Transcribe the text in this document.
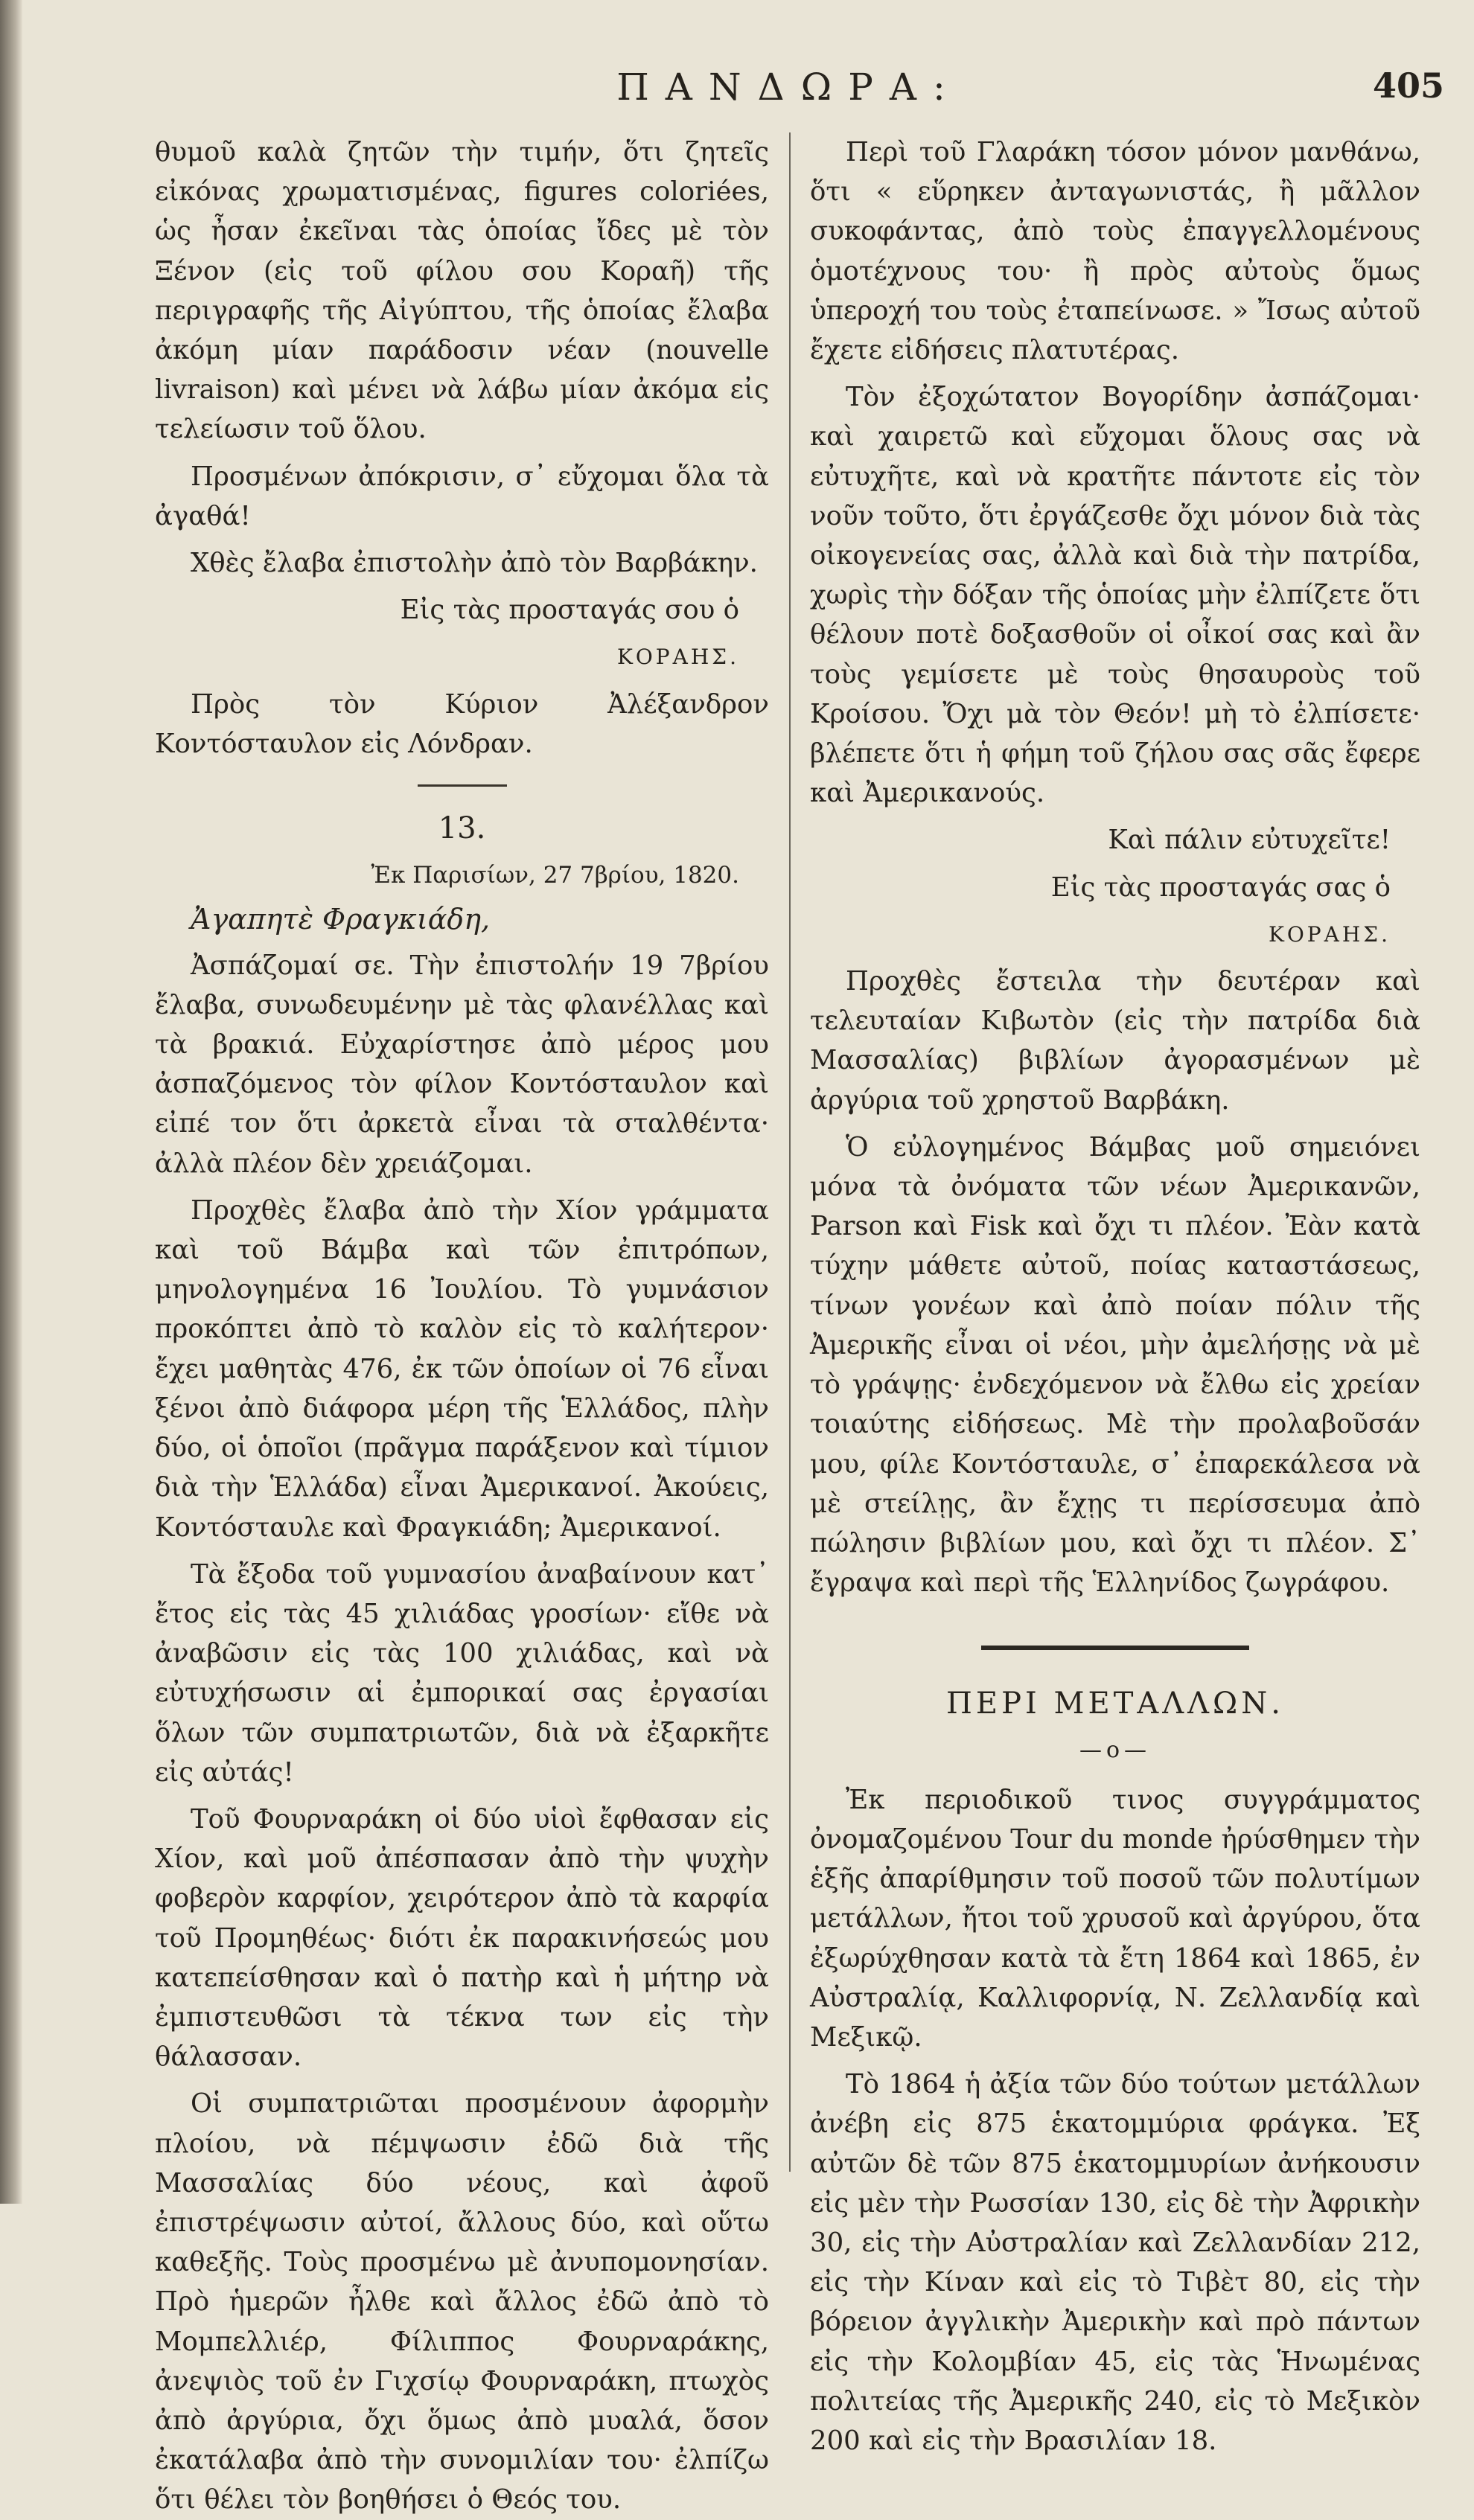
ΠΑΝΔΩΡΑ:	405

θυμοῦ καλὰ ζητῶν τὴν τιμήν, ὅτι ζητεῖς εἰκόνας χρωματισμένας, figures coloriées, ὡς ἦσαν ἐκεῖναι τὰς ὁποίας ἴδες μὲ τὸν Ξένον (εἰς τοῦ φίλου σου Κοραῆ) τῆς περιγραφῆς τῆς Αἰγύπτου, τῆς ὁποίας ἔλαβα ἀκόμη μίαν παράδοσιν νέαν (nouvelle livraison) καὶ μένει νὰ λάβω μίαν ἀκόμα εἰς τελείωσιν τοῦ ὅλου.

Προσμένων ἀπόκρισιν, σ᾿ εὔχομαι ὅλα τὰ ἀγαθά!

Χθὲς ἔλαβα ἐπιστολὴν ἀπὸ τὸν Βαρβάκην.

Εἰς τὰς προσταγάς σου ὁ

ΚΟΡΑΗΣ.

Πρὸς τὸν Κύριον Ἀλέξανδρον Κοντόσταυλον εἰς Λόνδραν.

13.
Ἐκ Παρισίων, 27 7βρίου, 1820.
Ἀγαπητὲ Φραγκιάδη,

Ἀσπάζομαί σε. Τὴν ἐπιστολήν 19 7βρίου ἔλαβα, συνωδευμένην μὲ τὰς φλανέλλας καὶ τὰ βρακιά. Εὐχαρίστησε ἀπὸ μέρος μου ἀσπαζόμενος τὸν φίλον Κοντόσταυλον καὶ εἰπέ τον ὅτι ἀρκετὰ εἶναι τὰ σταλθέντα· ἀλλὰ πλέον δὲν χρειάζομαι.

Προχθὲς ἔλαβα ἀπὸ τὴν Χίον γράμματα καὶ τοῦ Βάμβα καὶ τῶν ἐπιτρόπων, μηνολογημένα 16 Ἰουλίου. Τὸ γυμνάσιον προκόπτει ἀπὸ τὸ καλὸν εἰς τὸ καλήτερον· ἔχει μαθητὰς 476, ἐκ τῶν ὁποίων οἱ 76 εἶναι ξένοι ἀπὸ διάφορα μέρη τῆς Ἑλλάδος, πλὴν δύο, οἱ ὁποῖοι (πρᾶγμα παράξενον καὶ τίμιον διὰ τὴν Ἑλλάδα) εἶναι Ἀμερικανοί. Ἀκούεις, Κοντόσταυλε καὶ Φραγκιάδη; Ἀμερικανοί.

Τὰ ἔξοδα τοῦ γυμνασίου ἀναβαίνουν κατ᾿ ἔτος εἰς τὰς 45 χιλιάδας γροσίων· εἴθε νὰ ἀναβῶσιν εἰς τὰς 100 χιλιάδας, καὶ νὰ εὐτυχήσωσιν αἱ ἐμπορικαί σας ἐργασίαι ὅλων τῶν συμπατριωτῶν, διὰ νὰ ἐξαρκῆτε εἰς αὐτάς!

Τοῦ Φουρναράκη οἱ δύο υἱοὶ ἔφθασαν εἰς Χίον, καὶ μοῦ ἀπέσπασαν ἀπὸ τὴν ψυχὴν φοβερὸν καρφίον, χειρότερον ἀπὸ τὰ καρφία τοῦ Προμηθέως· διότι ἐκ παρακινήσεώς μου κατεπείσθησαν καὶ ὁ πατὴρ καὶ ἡ μήτηρ νὰ ἐμπιστευθῶσι τὰ τέκνα των εἰς τὴν θάλασσαν.

Οἱ συμπατριῶται προσμένουν ἀφορμὴν πλοίου, νὰ πέμψωσιν ἐδῶ διὰ τῆς Μασσαλίας δύο νέους, καὶ ἀφοῦ ἐπιστρέψωσιν αὐτοί, ἄλλους δύο, καὶ οὕτω καθεξῆς. Τοὺς προσμένω μὲ ἀνυπομονησίαν. Πρὸ ἡμερῶν ἦλθε καὶ ἄλλος ἐδῶ ἀπὸ τὸ Μομπελλιέρ, Φίλιππος Φουρναράκης, ἀνεψιὸς τοῦ ἐν Γιχσίῳ Φουρναράκη, πτωχὸς ἀπὸ ἀργύρια, ὄχι ὅμως ἀπὸ μυαλά, ὅσον ἐκατάλαβα ἀπὸ τὴν συνομιλίαν του· ἐλπίζω ὅτι θέλει τὸν βοηθήσει ὁ Θεός του.

Περὶ τοῦ Γλαράκη τόσον μόνον μανθάνω, ὅτι « εὕρηκεν ἀνταγωνιστάς, ἢ μᾶλλον συκοφάντας, ἀπὸ τοὺς ἐπαγγελλομένους ὁμοτέχνους του· ἢ πρὸς αὐτοὺς ὅμως ὑπεροχή του τοὺς ἐταπείνωσε. » Ἴσως αὐτοῦ ἔχετε εἰδήσεις πλατυτέρας.

Τὸν ἐξοχώτατον Βογορίδην ἀσπάζομαι· καὶ χαιρετῶ καὶ εὔχομαι ὅλους σας νὰ εὐτυχῆτε, καὶ νὰ κρατῆτε πάντοτε εἰς τὸν νοῦν τοῦτο, ὅτι ἐργάζεσθε ὄχι μόνον διὰ τὰς οἰκογενείας σας, ἀλλὰ καὶ διὰ τὴν πατρίδα, χωρὶς τὴν δόξαν τῆς ὁποίας μὴν ἐλπίζετε ὅτι θέλουν ποτὲ δοξασθοῦν οἱ οἶκοί σας καὶ ἂν τοὺς γεμίσετε μὲ τοὺς θησαυροὺς τοῦ Κροίσου. Ὄχι μὰ τὸν Θεόν! μὴ τὸ ἐλπίσετε· βλέπετε ὅτι ἡ φήμη τοῦ ζήλου σας σᾶς ἔφερε καὶ Ἀμερικανούς.

Καὶ πάλιν εὐτυχεῖτε!

Εἰς τὰς προσταγάς σας ὁ

ΚΟΡΑΗΣ.

Προχθὲς ἔστειλα τὴν δευτέραν καὶ τελευταίαν Κιβωτὸν (εἰς τὴν πατρίδα διὰ Μασσαλίας) βιβλίων ἀγορασμένων μὲ ἀργύρια τοῦ χρηστοῦ Βαρβάκη.

Ὁ εὐλογημένος Βάμβας μοῦ σημειόνει μόνα τὰ ὀνόματα τῶν νέων Ἀμερικανῶν, Parson καὶ Fisk καὶ ὄχι τι πλέον. Ἐὰν κατὰ τύχην μάθετε αὐτοῦ, ποίας καταστάσεως, τίνων γονέων καὶ ἀπὸ ποίαν πόλιν τῆς Ἀμερικῆς εἶναι οἱ νέοι, μὴν ἀμελήσῃς νὰ μὲ τὸ γράψῃς· ἐνδεχόμενον νὰ ἔλθω εἰς χρείαν τοιαύτης εἰδήσεως. Μὲ τὴν προλαβοῦσάν μου, φίλε Κοντόσταυλε, σ᾿ ἐπαρεκάλεσα νὰ μὲ στείλῃς, ἂν ἔχῃς τι περίσσευμα ἀπὸ πώλησιν βιβλίων μου, καὶ ὄχι τι πλέον. Σ᾿ ἔγραψα καὶ περὶ τῆς Ἑλληνίδος ζωγράφου.

ΠΕΡΙ ΜΕΤΑΛΛΩΝ.
—ο—

Ἐκ περιοδικοῦ τινος συγγράμματος ὀνομαζομένου Tour du monde ἠρύσθημεν τὴν ἑξῆς ἀπαρίθμησιν τοῦ ποσοῦ τῶν πολυτίμων μετάλλων, ἤτοι τοῦ χρυσοῦ καὶ ἀργύρου, ὅτα ἐξωρύχθησαν κατὰ τὰ ἔτη 1864 καὶ 1865, ἐν Αὐστραλίᾳ, Καλλιφορνίᾳ, Ν. Ζελλανδίᾳ καὶ Μεξικῷ.

Τὸ 1864 ἡ ἀξία τῶν δύο τούτων μετάλλων ἀνέβη εἰς 875 ἑκατομμύρια φράγκα. Ἐξ αὐτῶν δὲ τῶν 875 ἑκατομμυρίων ἀνήκουσιν εἰς μὲν τὴν Ρωσσίαν 130, εἰς δὲ τὴν Ἀφρικὴν 30, εἰς τὴν Αὐστραλίαν καὶ Ζελλανδίαν 212, εἰς τὴν Κίναν καὶ εἰς τὸ Τιβὲτ 80, εἰς τὴν βόρειον ἀγγλικὴν Ἀμερικὴν καὶ πρὸ πάντων εἰς τὴν Κολομβίαν 45, εἰς τὰς Ἡνωμένας πολιτείας τῆς Ἀμερικῆς 240, εἰς τὸ Μεξικὸν 200 καὶ εἰς τὴν Βρασιλίαν 18.
